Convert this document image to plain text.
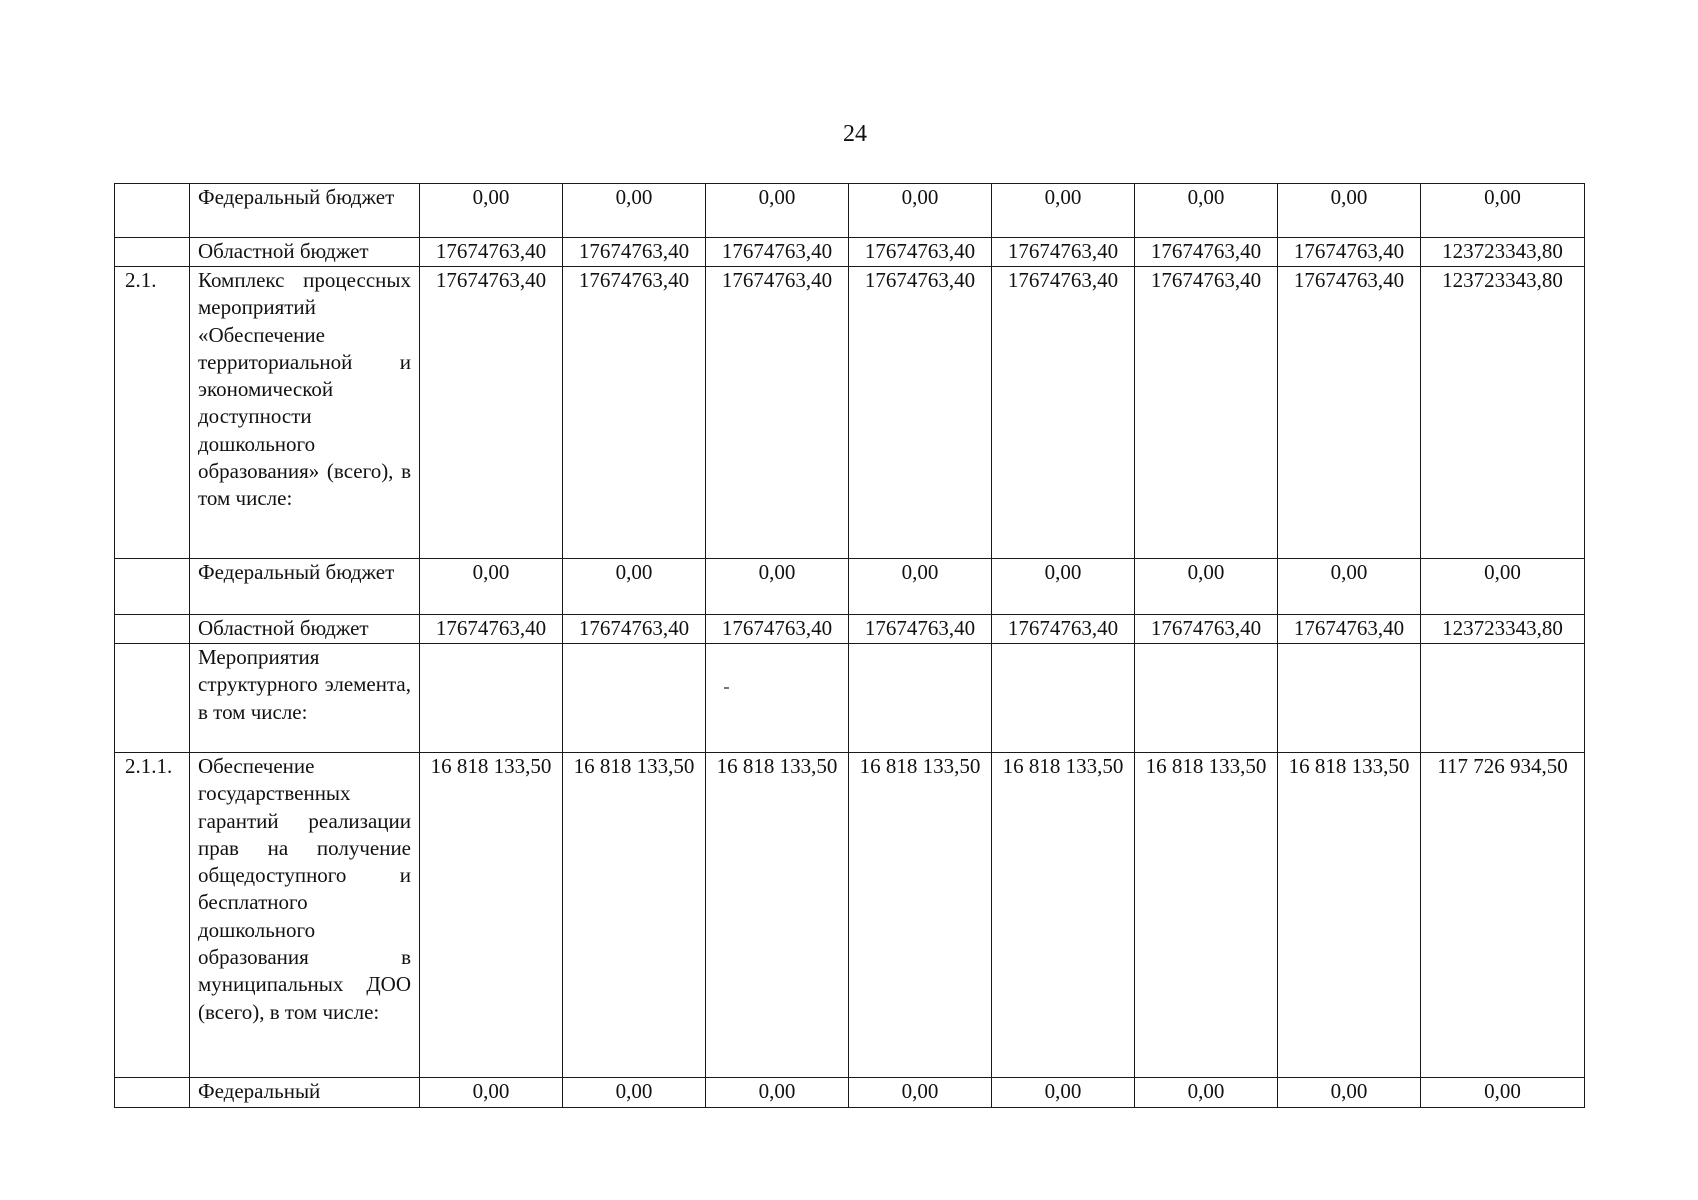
24
	Федеральный бюджет	0,00	0,00	0,00	0,00	0,00	0,00	0,00	0,00
	Областной бюджет	17674763,40	17674763,40	17674763,40	17674763,40	17674763,40	17674763,40	17674763,40	123723343,80
2.1.	Комплекс процессных мероприятий «Обеспечение территориальной и экономической доступности дошкольного образования» (всего), в том числе:	17674763,40	17674763,40	17674763,40	17674763,40	17674763,40	17674763,40	17674763,40	123723343,80
	Федеральный бюджет	0,00	0,00	0,00	0,00	0,00	0,00	0,00	0,00
	Областной бюджет	17674763,40	17674763,40	17674763,40	17674763,40	17674763,40	17674763,40	17674763,40	123723343,80
	Мероприятия структурного элемента, в том числе:								
2.1.1.	Обеспечение государственных гарантий реализации прав на получение общедоступного и бесплатного дошкольного образования в муниципальных ДОО (всего), в том числе:	16 818 133,50	16 818 133,50	16 818 133,50	16 818 133,50	16 818 133,50	16 818 133,50	16 818 133,50	117 726 934,50
	Федеральный	0,00	0,00	0,00	0,00	0,00	0,00	0,00	0,00
